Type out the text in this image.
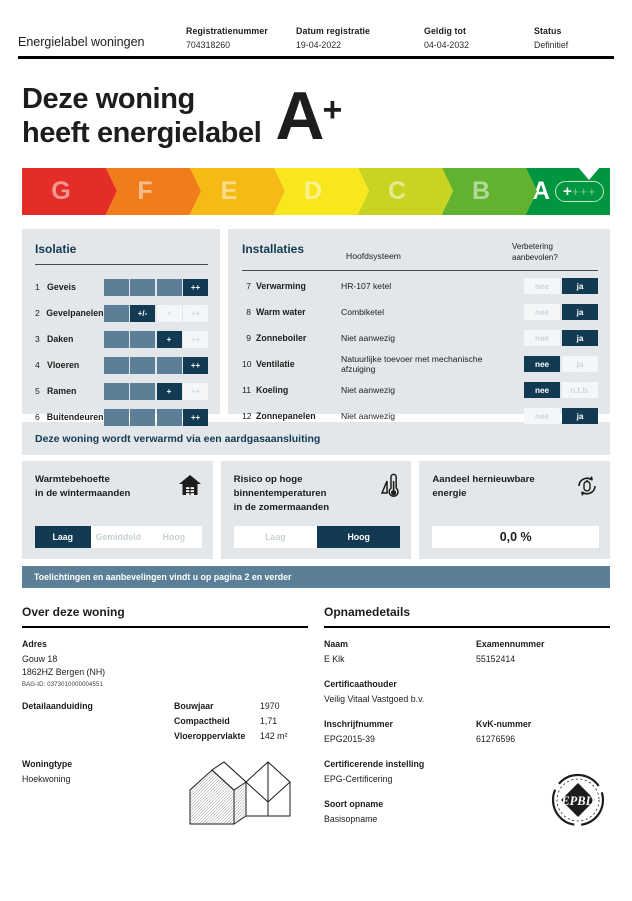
Energielabel woningen
Registratienummer
704318260
Datum registratie
19-04-2022
Geldig tot
04-04-2032
Status
Definitief
Deze woning
heeft energielabel A +
G	F	E	D	C	B A + +++
Isolatie
1 Geveis	++
2 Gevelpanelen	+/-	+	++
3 Daken	+	++
4 Vloeren	++
5 Ramen	+	++
6 Buitendeuren	++
Installaties	Hoofdsysteem
Verbetering
aanbevolen?
7 Verwarming	HR-107 ketel	nee	ja
8 Warm water	Combiketel	nee	ja
9 Zonneboiler	Niet aanwezig	nee	ja
10 Ventilatie	Natuurlijke toevoer met mechanische afzuiging	nee	ja
11 Koeling	Niet aanwezig	nee	n.t.b.
12 Zonnepanelen	Niet aanwezig	nee	ja
Deze woning wordt verwarmd via een aardgasaansluiting
Warmtebehoefte
in de wintermaanden
Laag	Gemiddeld	Hoog
Risico op hoge
binnentemperaturen
in de zomermaanden
Laag	Hoog
Aandeel hernieuwbare
energie
0,0 %
Toelichtingen en aanbevelingen vindt u op pagina 2 en verder
Over deze woning
Adres
Gouw 18
1862HZ Bergen (NH)
BAG-ID: 0373010000004551
Detailaanduiding	Bouwjaar	1970
Compactheid	1,71
Vloeroppervlakte	142 m²
Woningtype
Hoekwoning
Opnamedetails
Naam
E Klk
Examennummer
55152414
Certificaathouder
Veilig Vitaal Vastgoed b.v.
Inschrijfnummer
EPG2015-39
KvK-nummer
61276596
Certificerende instelling
EPG-Certificering
Soort opname
Basisopname
EPBD
